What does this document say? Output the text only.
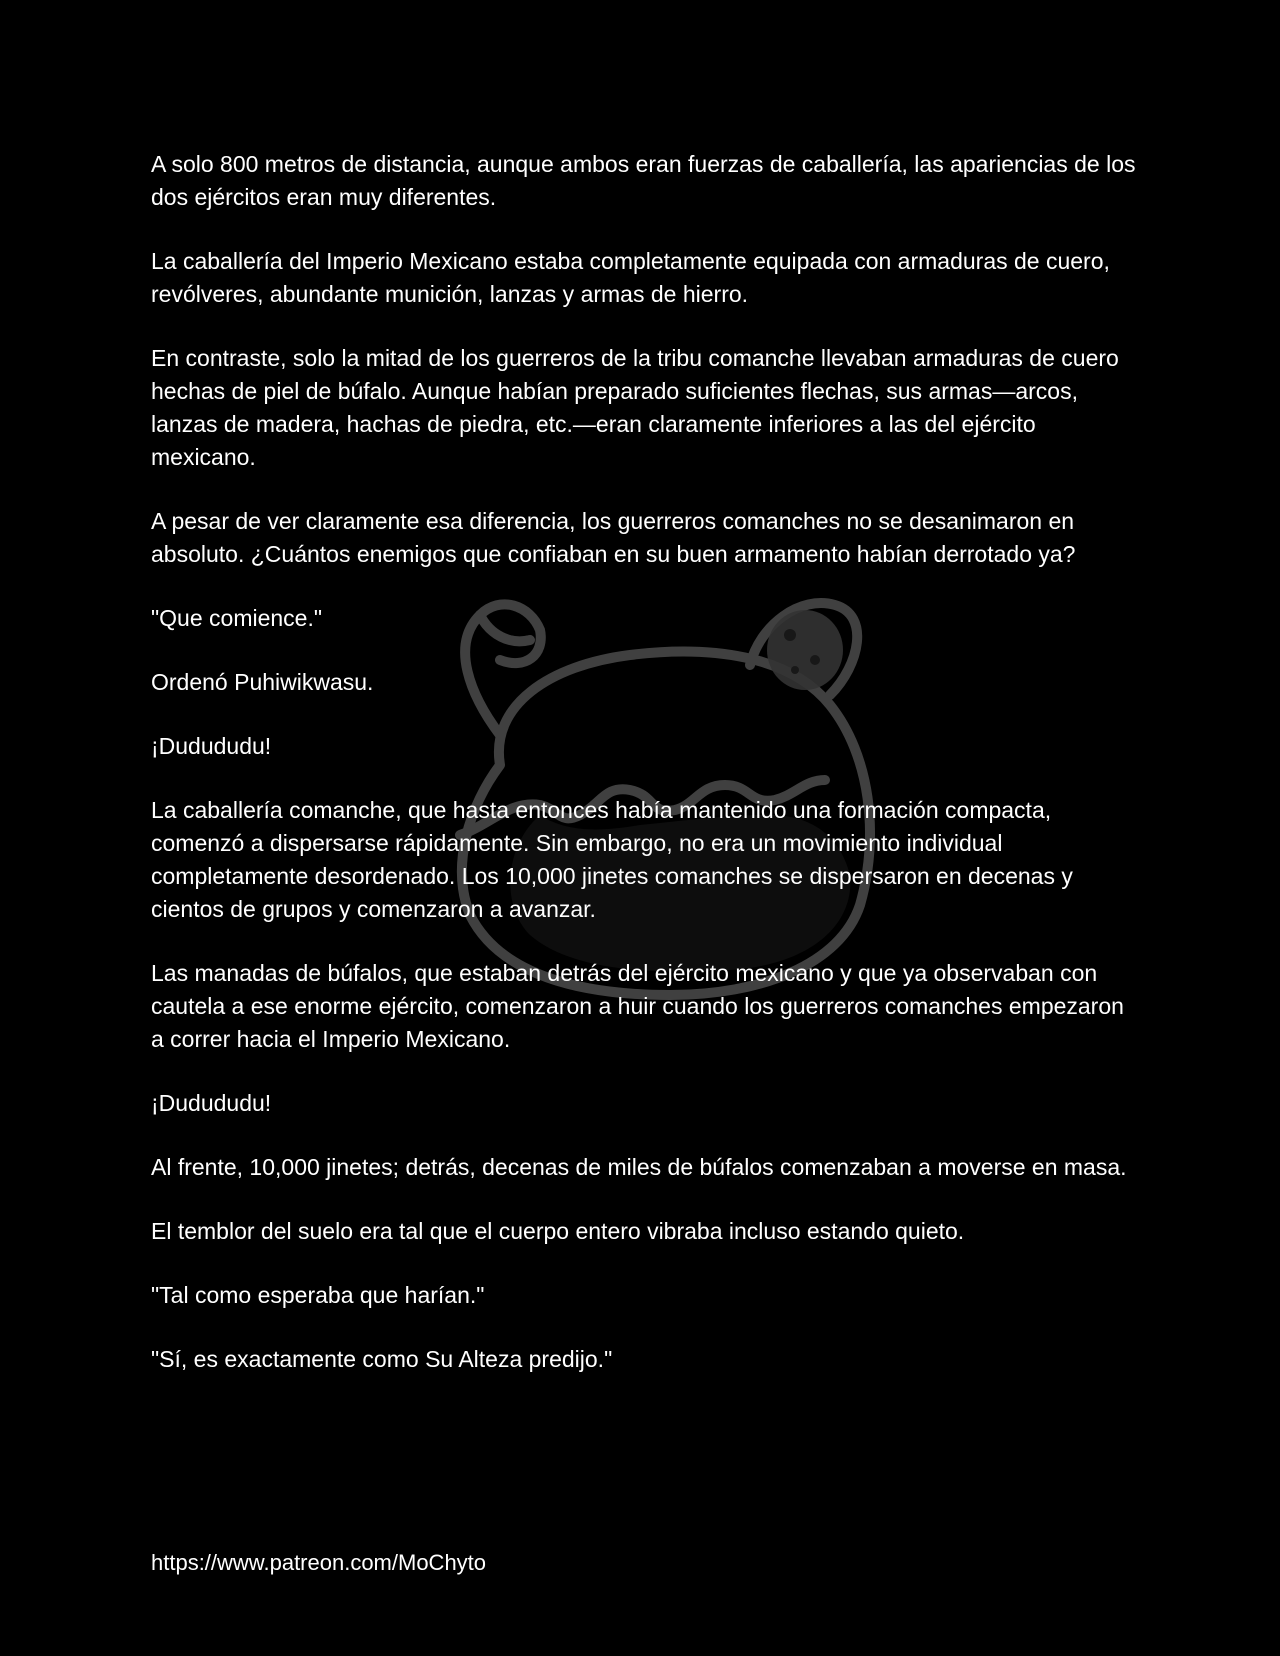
A solo 800 metros de distancia, aunque ambos eran fuerzas de caballería, las apariencias de los dos ejércitos eran muy diferentes.

La caballería del Imperio Mexicano estaba completamente equipada con armaduras de cuero, revólveres, abundante munición, lanzas y armas de hierro.

En contraste, solo la mitad de los guerreros de la tribu comanche llevaban armaduras de cuero hechas de piel de búfalo. Aunque habían preparado suficientes flechas, sus armas—arcos, lanzas de madera, hachas de piedra, etc.—eran claramente inferiores a las del ejército mexicano.

A pesar de ver claramente esa diferencia, los guerreros comanches no se desanimaron en absoluto. ¿Cuántos enemigos que confiaban en su buen armamento habían derrotado ya?

"Que comience."

Ordenó Puhiwikwasu.

¡Dudududu!

La caballería comanche, que hasta entonces había mantenido una formación compacta, comenzó a dispersarse rápidamente. Sin embargo, no era un movimiento individual completamente desordenado. Los 10,000 jinetes comanches se dispersaron en decenas y cientos de grupos y comenzaron a avanzar.

Las manadas de búfalos, que estaban detrás del ejército mexicano y que ya observaban con cautela a ese enorme ejército, comenzaron a huir cuando los guerreros comanches empezaron a correr hacia el Imperio Mexicano.

¡Dudududu!

Al frente, 10,000 jinetes; detrás, decenas de miles de búfalos comenzaban a moverse en masa.

El temblor del suelo era tal que el cuerpo entero vibraba incluso estando quieto.

"Tal como esperaba que harían."

"Sí, es exactamente como Su Alteza predijo."

https://www.patreon.com/MoChyto
